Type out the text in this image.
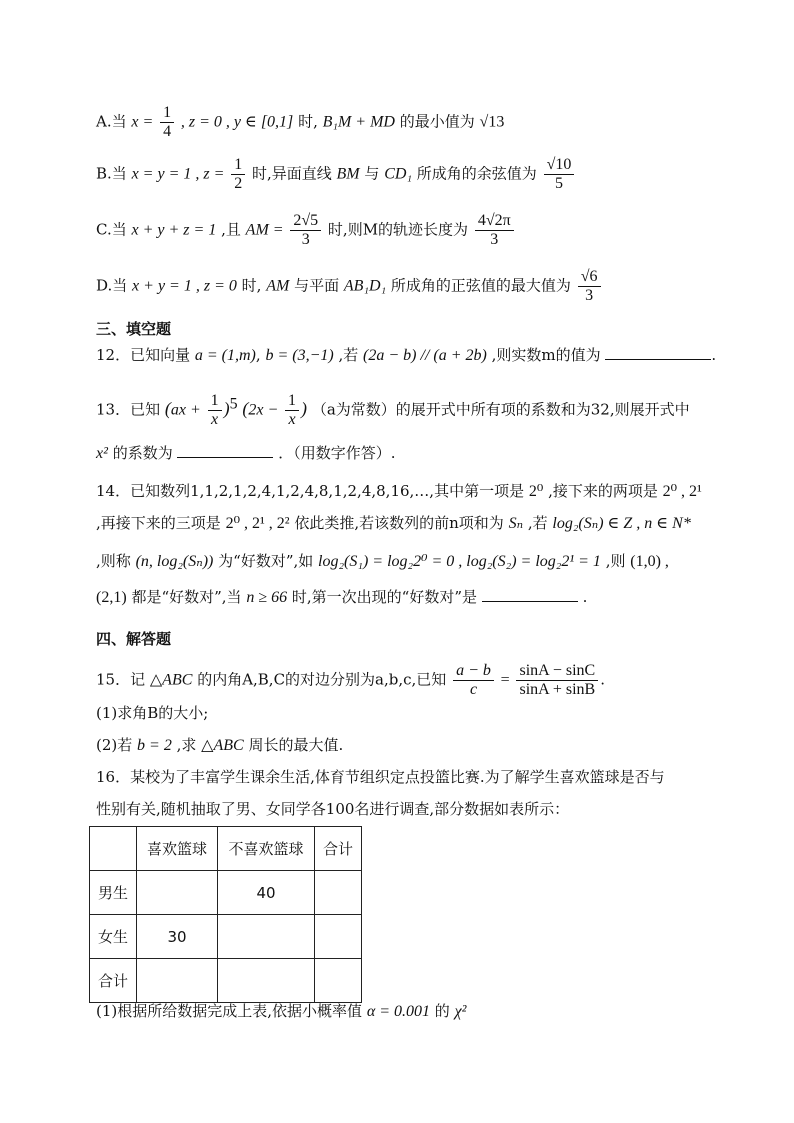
A.当 $x = \frac{1}{4}$ , z = 0 , y ∈ [0,1] 时, B₁M + MD 的最小值为 √13
B.当 x = y = 1 , $z = \frac{1}{2}$ 时,异面直线 BM 与 CD₁ 所成角的余弦值为 $\frac{√10}{5}$
C.当 x + y + z = 1 ,且 AM = $\frac{2√5}{3}$ 时,则M的轨迹长度为 $\frac{4√2\pi}{3}$
D.当 x + y = 1 , z = 0 时, AM 与平面 AB₁D₁ 所成角的正弦值的最大值为 $\frac{√6}{3}$
三、填空题
12．已知向量 a = (1,m), b = (3,−1) ,若 (2a − b) // (a + 2b) ,则实数m的值为	.
13．已知 $(ax + \frac{1}{x} )^5$ ($2x - \frac{1}{x}$ ) （a为常数）的展开式中所有项的系数和为32,则展开式中
x² 的系数为	．（用数字作答）.
14．已知数列1,1,2,1,2,4,1,2,4,8,1,2,4,8,16,…,其中第一项是 2⁰ ,接下来的两项是 2⁰ , 2¹
,再接下来的三项是 2⁰ , 2¹ , 2² 依此类推,若该数列的前n项和为 Sₙ ,若 log₂(Sₙ) ∈ Z , n ∈ N*
,则称 (n, log₂(Sₙ)) 为“好数对”,如 log₂(S₁) = log₂2⁰ = 0 , log₂(S₂) = log₂2¹ = 1 ,则 (1,0) ,
(2,1) 都是“好数对”,当 n ≥ 66 时,第一次出现的“好数对”是	.
四、解答题
15．记 △ABC 的内角A,B,C的对边分别为a,b,c,已知 $\frac{a - b}{c} = \frac{\sin A - \sin C}{\sin A + \sin B}$ .
(1)求角B的大小;
(2)若 b = 2 ,求 △ABC 周长的最大值.
16．某校为了丰富学生课余生活,体育节组织定点投篮比赛.为了解学生喜欢篮球是否与
性别有关,随机抽取了男、女同学各100名进行调查,部分数据如表所示：
	喜欢篮球	不喜欢篮球	合计
男生		40	
女生	30		
合计			
(1)根据所给数据完成上表,依据小概率值 α = 0.001 的 χ²
